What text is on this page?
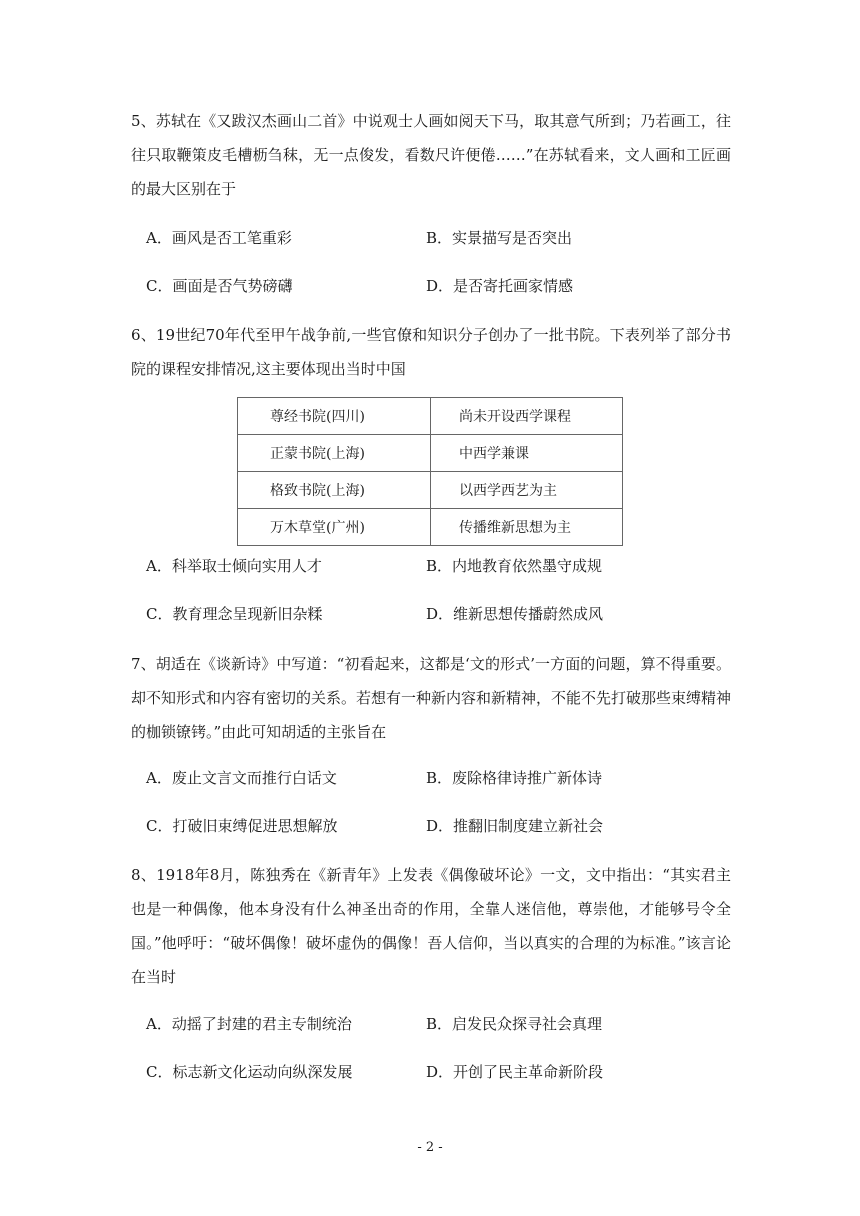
5、苏轼在《又跋汉杰画山二首》中说观士人画如阅天下马，取其意气所到；乃若画工，往往只取鞭策皮毛槽枥刍秣，无一点俊发，看数尺许便倦……”在苏轼看来，文人画和工匠画的最大区别在于
A．画风是否工笔重彩	B．实景描写是否突出
C．画面是否气势磅礴	D．是否寄托画家情感
6、19世纪70年代至甲午战争前,一些官僚和知识分子创办了一批书院。下表列举了部分书院的课程安排情况,这主要体现出当时中国
尊经书院(四川)	尚未开设西学课程
正蒙书院(上海)	中西学兼课
格致书院(上海)	以西学西艺为主
万木草堂(广州)	传播维新思想为主
A．科举取士倾向实用人才	B．内地教育依然墨守成规
C．教育理念呈现新旧杂糅	D．维新思想传播蔚然成风
7、胡适在《谈新诗》中写道：“初看起来，这都是‘文的形式’一方面的问题，算不得重要。却不知形式和内容有密切的关系。若想有一种新内容和新精神，不能不先打破那些束缚精神的枷锁镣铐。”由此可知胡适的主张旨在
A．废止文言文而推行白话文	B．废除格律诗推广新体诗
C．打破旧束缚促进思想解放	D．推翻旧制度建立新社会
8、1918年8月，陈独秀在《新青年》上发表《偶像破坏论》一文，文中指出：“其实君主也是一种偶像，他本身没有什么神圣出奇的作用，全靠人迷信他，尊崇他，才能够号令全国。”他呼吁：“破坏偶像！破坏虚伪的偶像！吾人信仰，当以真实的合理的为标准。”该言论在当时
A．动摇了封建的君主专制统治	B．启发民众探寻社会真理
C．标志新文化运动向纵深发展	D．开创了民主革命新阶段
- 2 -
